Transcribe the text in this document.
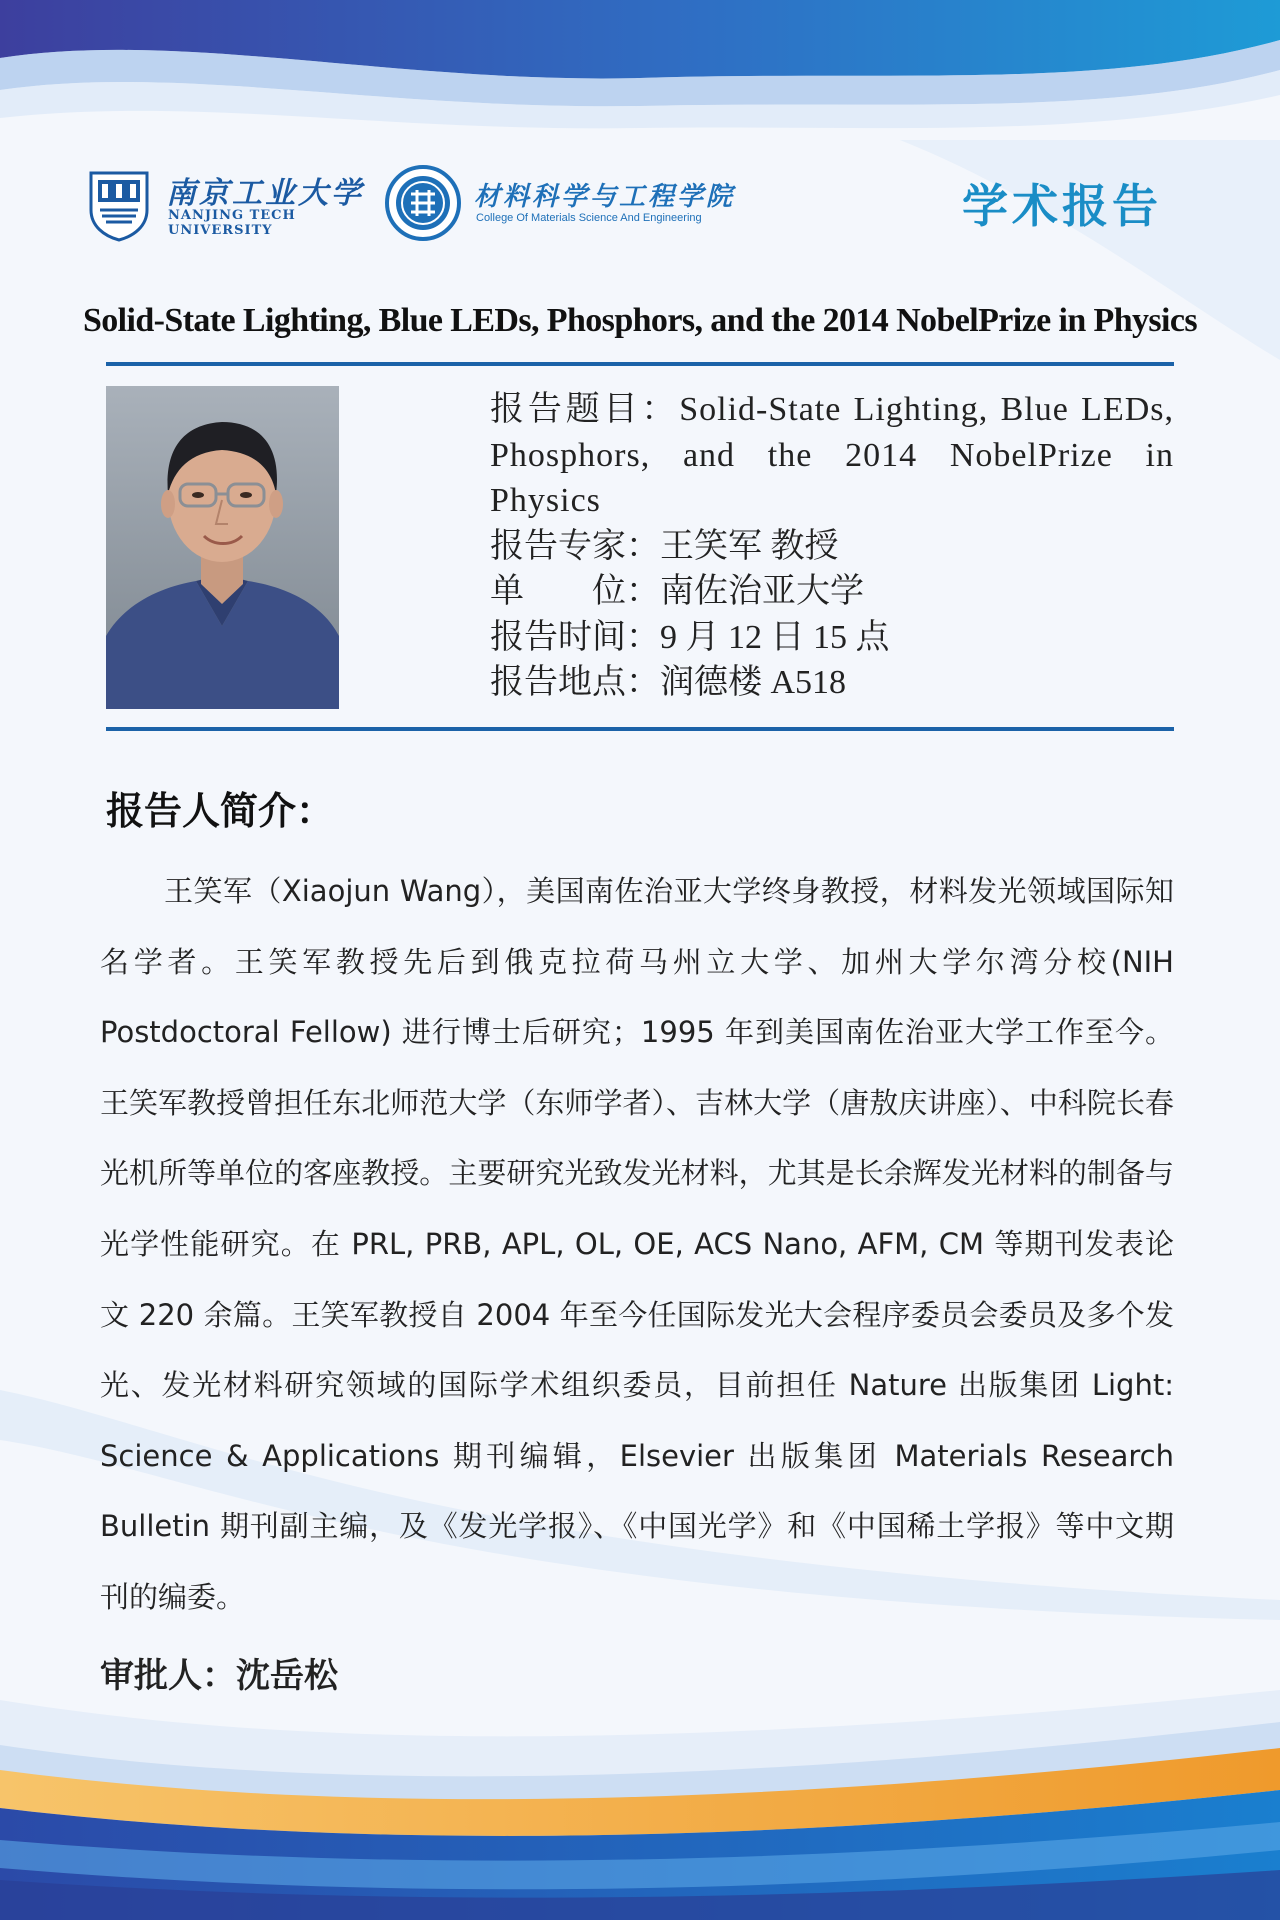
南京工业大学
NANJING TECH UNIVERSITY
材料科学与工程学院
College Of Materials Science And Engineering	学术报告
Solid-State Lighting, Blue LEDs, Phosphors, and the 2014 NobelPrize in Physics
报告题目：Solid-State Lighting, Blue LEDs, Phosphors, and the 2014 NobelPrize in Physics
报告专家： 王笑军 教授
单　　位： 南佐治亚大学
报告时间： 9 月 12 日 15 点
报告地点： 润德楼 A518
报告人简介：

王笑军（Xiaojun Wang），美国南佐治亚大学终身教授，材料发光领域国际知名学者。王笑军教授先后到俄克拉荷马州立大学、加州大学尔湾分校(NIH Postdoctoral Fellow) 进行博士后研究；1995 年到美国南佐治亚大学工作至今。王笑军教授曾担任东北师范大学（东师学者）、吉林大学（唐敖庆讲座）、中科院长春光机所等单位的客座教授。主要研究光致发光材料，尤其是长余辉发光材料的制备与光学性能研究。在 PRL, PRB, APL, OL, OE, ACS Nano, AFM, CM 等期刊发表论文 220 余篇。王笑军教授自 2004 年至今任国际发光大会程序委员会委员及多个发光、发光材料研究领域的国际学术组织委员，目前担任 Nature 出版集团 Light: Science & Applications 期刊编辑，Elsevier 出版集团 Materials Research Bulletin 期刊副主编，及《发光学报》、《中国光学》和《中国稀土学报》等中文期刊的编委。

审批人：沈岳松
